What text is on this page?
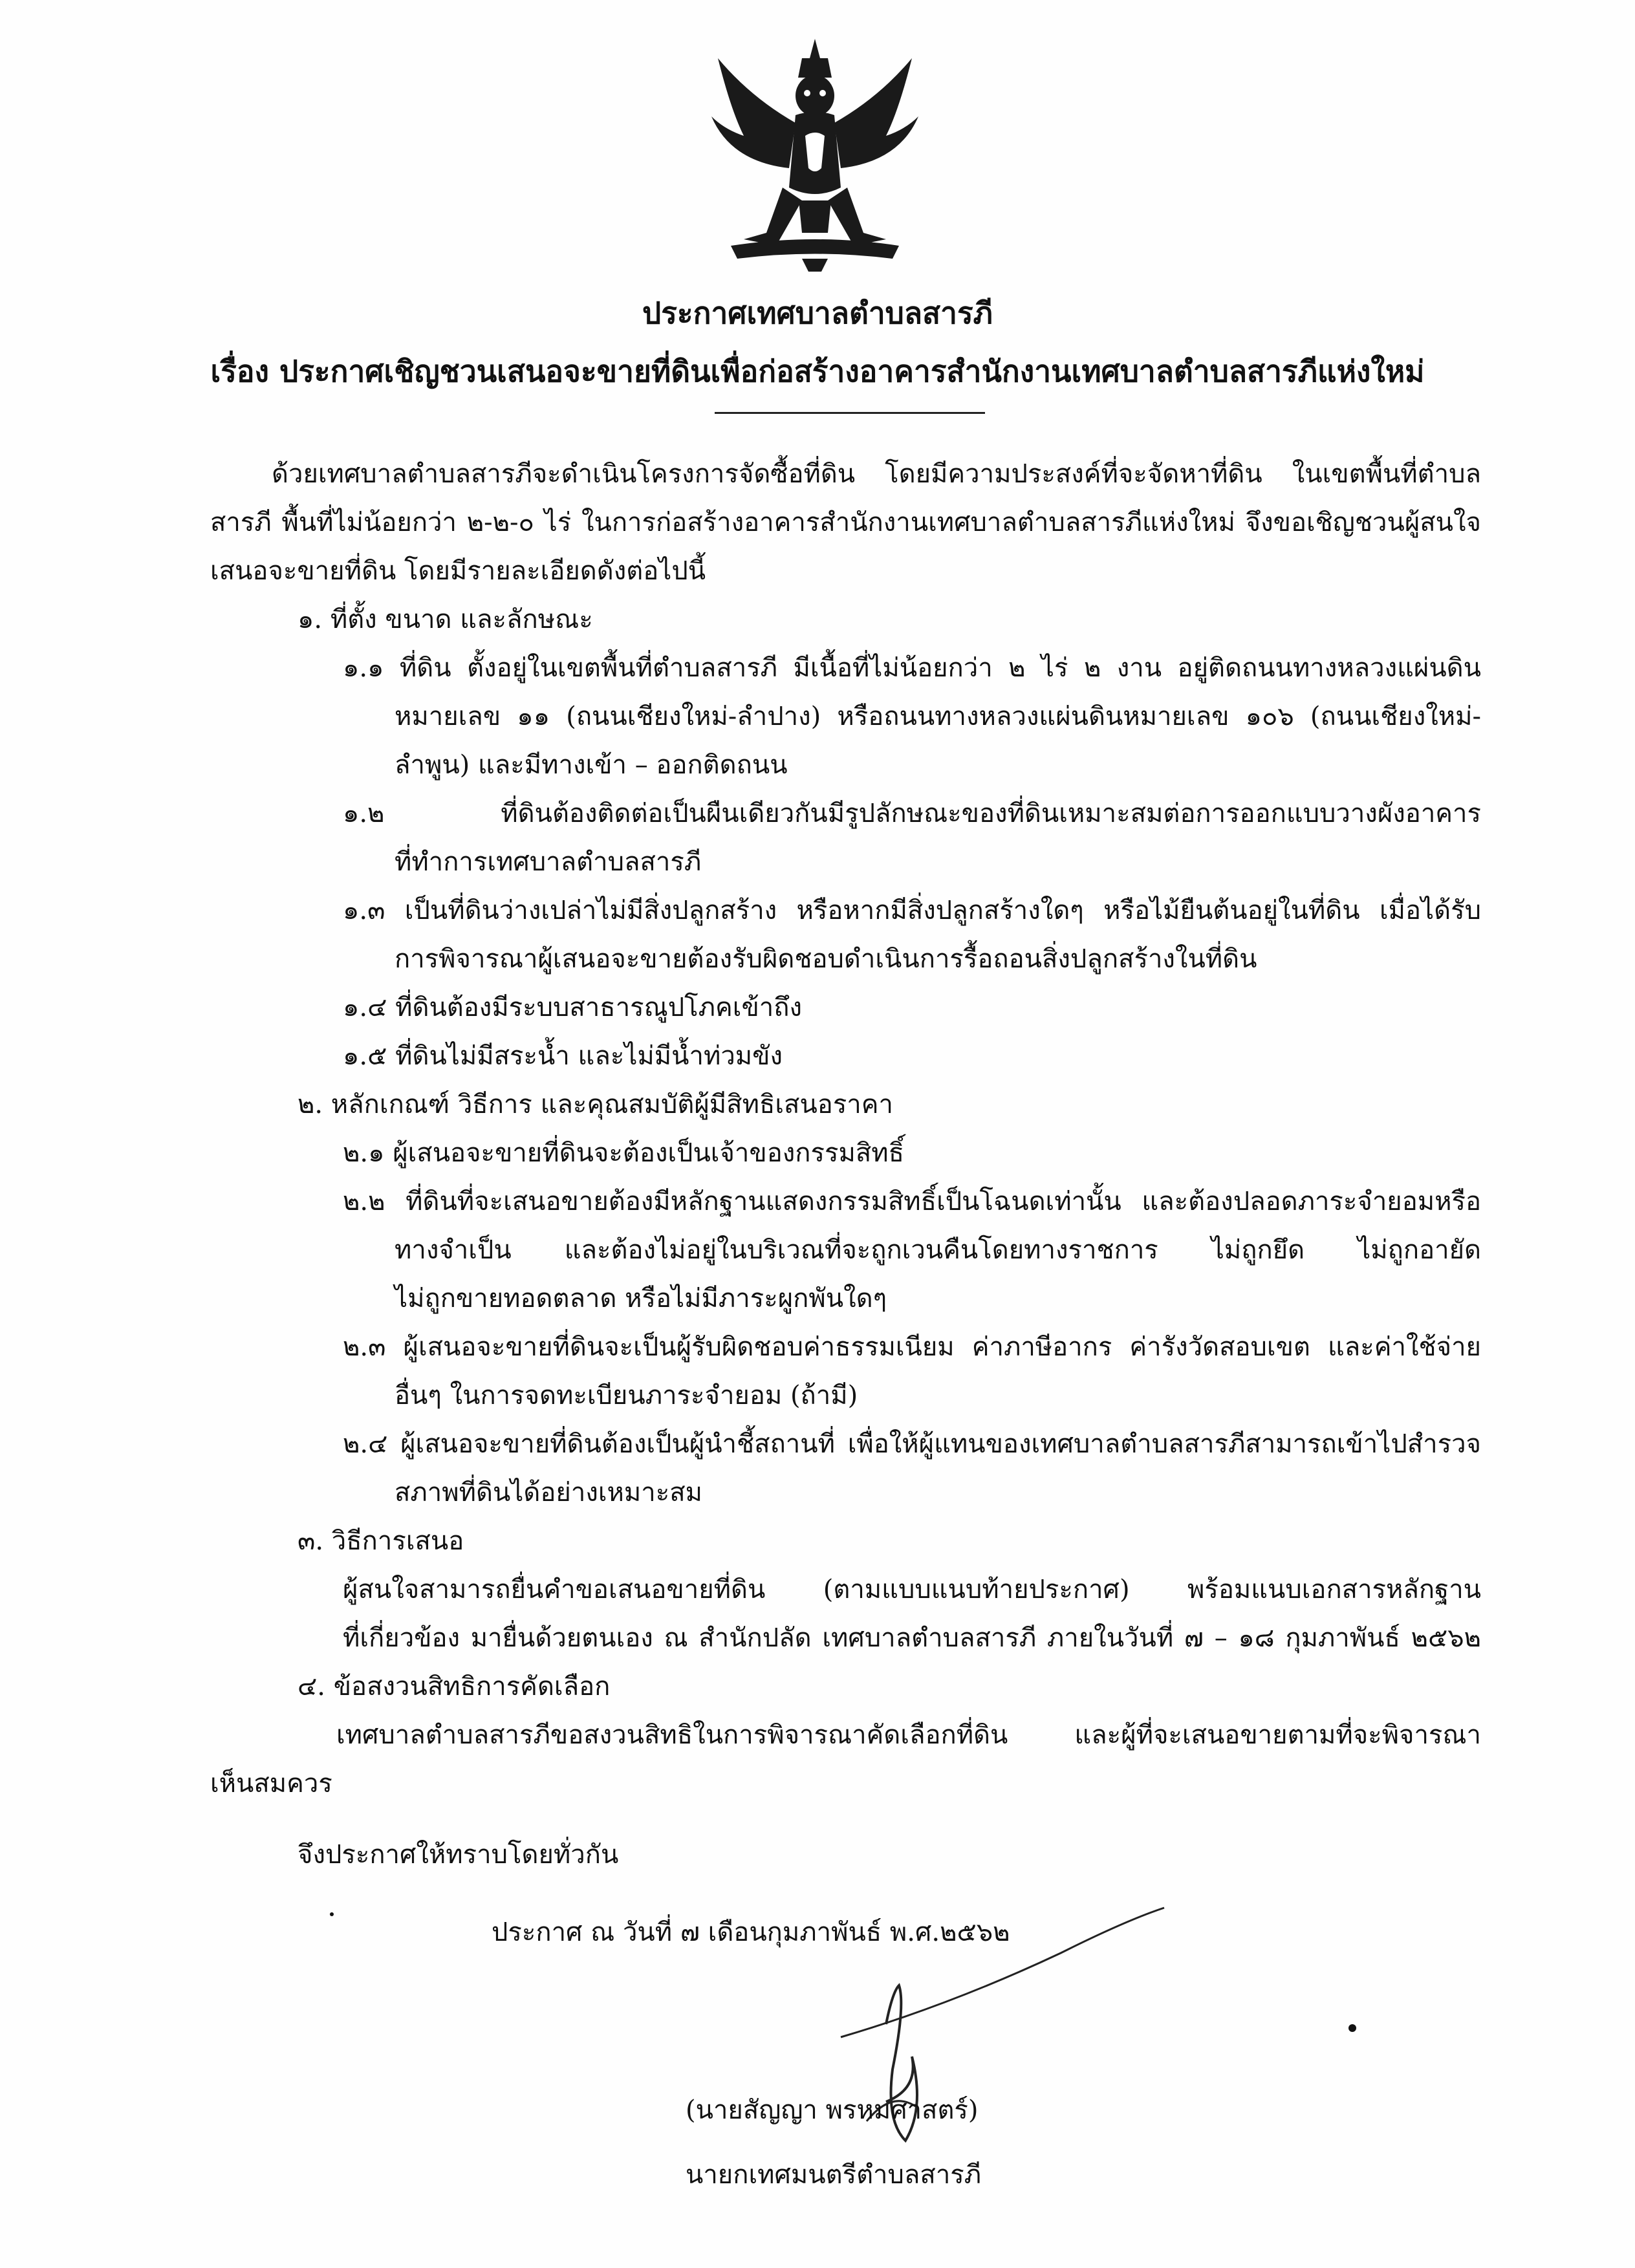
ประกาศเทศบาลตำบลสารภี
เรื่อง ประกาศเชิญชวนเสนอจะขายที่ดินเพื่อก่อสร้างอาคารสำนักงานเทศบาลตำบลสารภีแห่งใหม่
ด้วยเทศบาลตำบลสารภีจะดำเนินโครงการจัดซื้อที่ดิน โดยมีความประสงค์ที่จะจัดหาที่ดิน ในเขตพื้นที่ตำบล
สารภี พื้นที่ไม่น้อยกว่า ๒-๒-๐ ไร่ ในการก่อสร้างอาคารสำนักงานเทศบาลตำบลสารภีแห่งใหม่ จึงขอเชิญชวนผู้สนใจ
เสนอจะขายที่ดิน โดยมีรายละเอียดดังต่อไปนี้
๑. ที่ตั้ง ขนาด และลักษณะ
๑.๑ ที่ดิน ตั้งอยู่ในเขตพื้นที่ตำบลสารภี มีเนื้อที่ไม่น้อยกว่า ๒ ไร่ ๒ งาน อยู่ติดถนนทางหลวงแผ่นดิน
หมายเลข ๑๑ (ถนนเชียงใหม่-ลำปาง) หรือถนนทางหลวงแผ่นดินหมายเลข ๑๐๖ (ถนนเชียงใหม่-
ลำพูน) และมีทางเข้า – ออกติดถนน
๑.๒ ที่ดินต้องติดต่อเป็นผืนเดียวกันมีรูปลักษณะของที่ดินเหมาะสมต่อการออกแบบวางผังอาคาร
ที่ทำการเทศบาลตำบลสารภี
๑.๓ เป็นที่ดินว่างเปล่าไม่มีสิ่งปลูกสร้าง หรือหากมีสิ่งปลูกสร้างใดๆ หรือไม้ยืนต้นอยู่ในที่ดิน เมื่อได้รับ
การพิจารณาผู้เสนอจะขายต้องรับผิดชอบดำเนินการรื้อถอนสิ่งปลูกสร้างในที่ดิน
๑.๔ ที่ดินต้องมีระบบสาธารณูปโภคเข้าถึง
๑.๕ ที่ดินไม่มีสระน้ำ และไม่มีน้ำท่วมขัง
๒. หลักเกณฑ์ วิธีการ และคุณสมบัติผู้มีสิทธิเสนอราคา
๒.๑ ผู้เสนอจะขายที่ดินจะต้องเป็นเจ้าของกรรมสิทธิ์
๒.๒ ที่ดินที่จะเสนอขายต้องมีหลักฐานแสดงกรรมสิทธิ์เป็นโฉนดเท่านั้น และต้องปลอดภาระจำยอมหรือ
ทางจำเป็น และต้องไม่อยู่ในบริเวณที่จะถูกเวนคืนโดยทางราชการ ไม่ถูกยึด ไม่ถูกอายัด
ไม่ถูกขายทอดตลาด หรือไม่มีภาระผูกพันใดๆ
๒.๓ ผู้เสนอจะขายที่ดินจะเป็นผู้รับผิดชอบค่าธรรมเนียม ค่าภาษีอากร ค่ารังวัดสอบเขต และค่าใช้จ่าย
อื่นๆ ในการจดทะเบียนภาระจำยอม (ถ้ามี)
๒.๔ ผู้เสนอจะขายที่ดินต้องเป็นผู้นำชี้สถานที่ เพื่อให้ผู้แทนของเทศบาลตำบลสารภีสามารถเข้าไปสำรวจ
สภาพที่ดินได้อย่างเหมาะสม
๓. วิธีการเสนอ
ผู้สนใจสามารถยื่นคำขอเสนอขายที่ดิน (ตามแบบแนบท้ายประกาศ) พร้อมแนบเอกสารหลักฐาน
ที่เกี่ยวข้อง มายื่นด้วยตนเอง ณ สำนักปลัด เทศบาลตำบลสารภี ภายในวันที่ ๗ – ๑๘ กุมภาพันธ์ ๒๕๖๒
๔. ข้อสงวนสิทธิการคัดเลือก
เทศบาลตำบลสารภีขอสงวนสิทธิในการพิจารณาคัดเลือกที่ดิน และผู้ที่จะเสนอขายตามที่จะพิจารณา
เห็นสมควร
จึงประกาศให้ทราบโดยทั่วกัน
ประกาศ ณ วันที่ ๗ เดือนกุมภาพันธ์ พ.ศ.๒๕๖๒
(นายสัญญา พรหมศาสตร์)
นายกเทศมนตรีตำบลสารภี
